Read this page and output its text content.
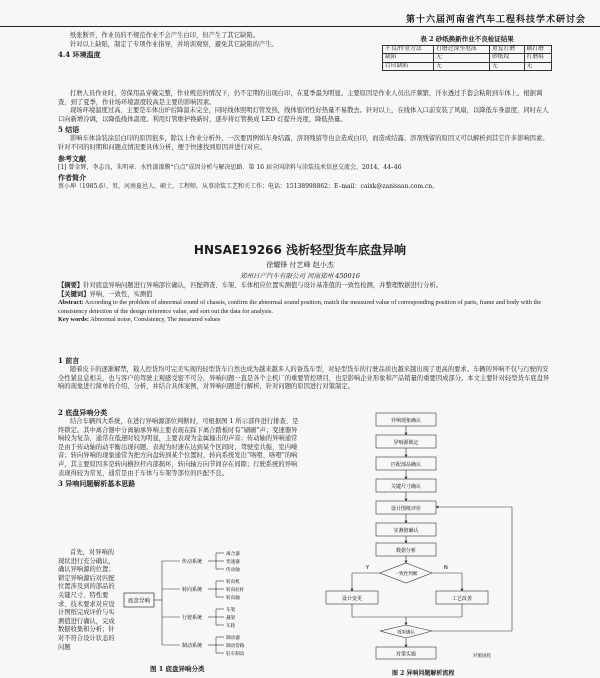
第十六届河南省汽车工程科技学术研讨会

纸张断开，作业员的不规范作业不会产生白印，但产生了其它缺陷。

针对以上缺陷，制定了专项作业指导，并培训观察，避免其它缺陷的产生。

4.4 环境温度
表 2 砂纸换新作业不良检证结果
不良/作业方法	打磨过深至电泳	重复打磨	刷打磨
缺陷	无	砂纸纹	打磨痕
白印缺陷	无	无	无

打磨人员作业时，劳保用品穿戴完整，作业规范的情况下，仍不定期的出现白印，在夏季最为明显。主要原因是作业人员出汗频繁，汗水透过手套会粘附到车体上。根据调查，到了夏季，作业场环境温度较高是主要的影响因素。

现场环境温度过高，主要是车体出炉后降温未完全，同时线体照明灯管发热，线体密闭性好热量不易散去。针对以上，在线体入口前安装了风扇，以降低车身温度，同时在人口向新增冷调，以降低线体温度。利用灯管维护换新时，逐步将灯管换成 LED 灯提升亮度，降低热量。

5 结语

影响车体涂装涂层白印的原因很多，除以上作业分析外，一次要因例如车身结露、溶剂残留等也会造成白印，而造成结露、溶剂残留的原因又可以解析到其它许多影响因素。针对不同的时期和问题点情况要具体分析，便于快速找到原因并进行对应。

参考文献

[1] 曾金辉，李志良，朱明章．水性漆漆膜“白点”成因分析与解决思路．第 16 届全国涂料与涂装技术信息交流会，2014，44–46

作者简介

蔡小坤（1985.6），男，河南夏邑人，硕士，工程师，从事涂装工艺和关工作；电话：15138998862；E–mail：caixk@zanissan.com.cn。

HNSAE19266 浅析轻型货车底盘异响
徐耀锋 付艺峰 赵小杰
郑州日产汽车有限公司 河南郑州 450016

【摘要】针对底盘异响问题进行异响部位确认，匹配筛查、车架、车体相应位置实测值与设计基准值的一致性检测，并整理数据进行分析。

【关键词】异响，一致性，实测值

Abstract: According to the problem of abnormal sound of chassis, confirm the abnormal sound position, match the measured value of corresponding position of parts, frame and body with the consistency detection of the design reference value, and sort out the data for analysis.

Key words: Abnormal noise, Consistency, The measured values

1 前言

随着皮卡的逐渐解禁，载人控货均可完美实现的轻型货车自然也成为越来越多人的备选车型，对轻型货车的行驶品质也越来越出现了更高的要求。车辆的异响不仅与行驶的安全性紧息息相关，也与客户的驾驶主观感受密不可分，异响问题一直是各个主机厂的重要管控项目，也是影响企业形象和产品销量的重要因成部分。本文主要针对轻型货车底盘异响的现象进行简单的介绍、分析，并结合具体案例，对异响问题进行解析，针对问题的原因进行对策制定。

2 底盘异响分类

结合车辆四大系统，在进行异响源部位判断时，可根据图 1 所示部件进行排查、是终锁定。其中离合器中分离轴承异响主要表现在踩下离合踏板时有“刷刷”声；变速器异响较为复杂，通常在低速时较为明显，主要表现为金属撞击的声音；传动轴的异响通常是由于传动轴的动平衡出现问题，表现为时速在达到某个区间时，驾驶室共振，室内噪音；转向异响的现象通常为把方向盘转到某个位置时，转向系统发出“咯噔、咯噔”的响声，其主要原因多是转向横拉杆内部损坏，转向轴万向节间存在间隙；行驶系统的异响表现得较为常见，通常是由于车体与车架等部位的匹配不良。

3 异响问题解析基本思路

首先，对异响的现状进行充分确认，确认异响源的位置；锁定异响源后对匹配位置涉及到的部品的关键尺寸、特性要求、技术要求对应设计图纸完成评价与实测值进行确认，完成数据收集和分析；针对不符合设计状态的问题

底盘异响
传动系统
离合器
变速器
传动轴
转向系统
转向机
转向拉杆
转向轴
行驶系统
车架
悬架
车轮
制动系统
制动器
制动管路
驻车制动
图 1 底盘异响分类
异响现象确认
异响源锁定
匹配部品确认
关键尺寸确认
设计图纸评价
实测值确认
数据分析
一致性判断
Y	N
设计变更	工艺改善
效果确认
对策实施	对策固化
图 2 异响问题解析流程
